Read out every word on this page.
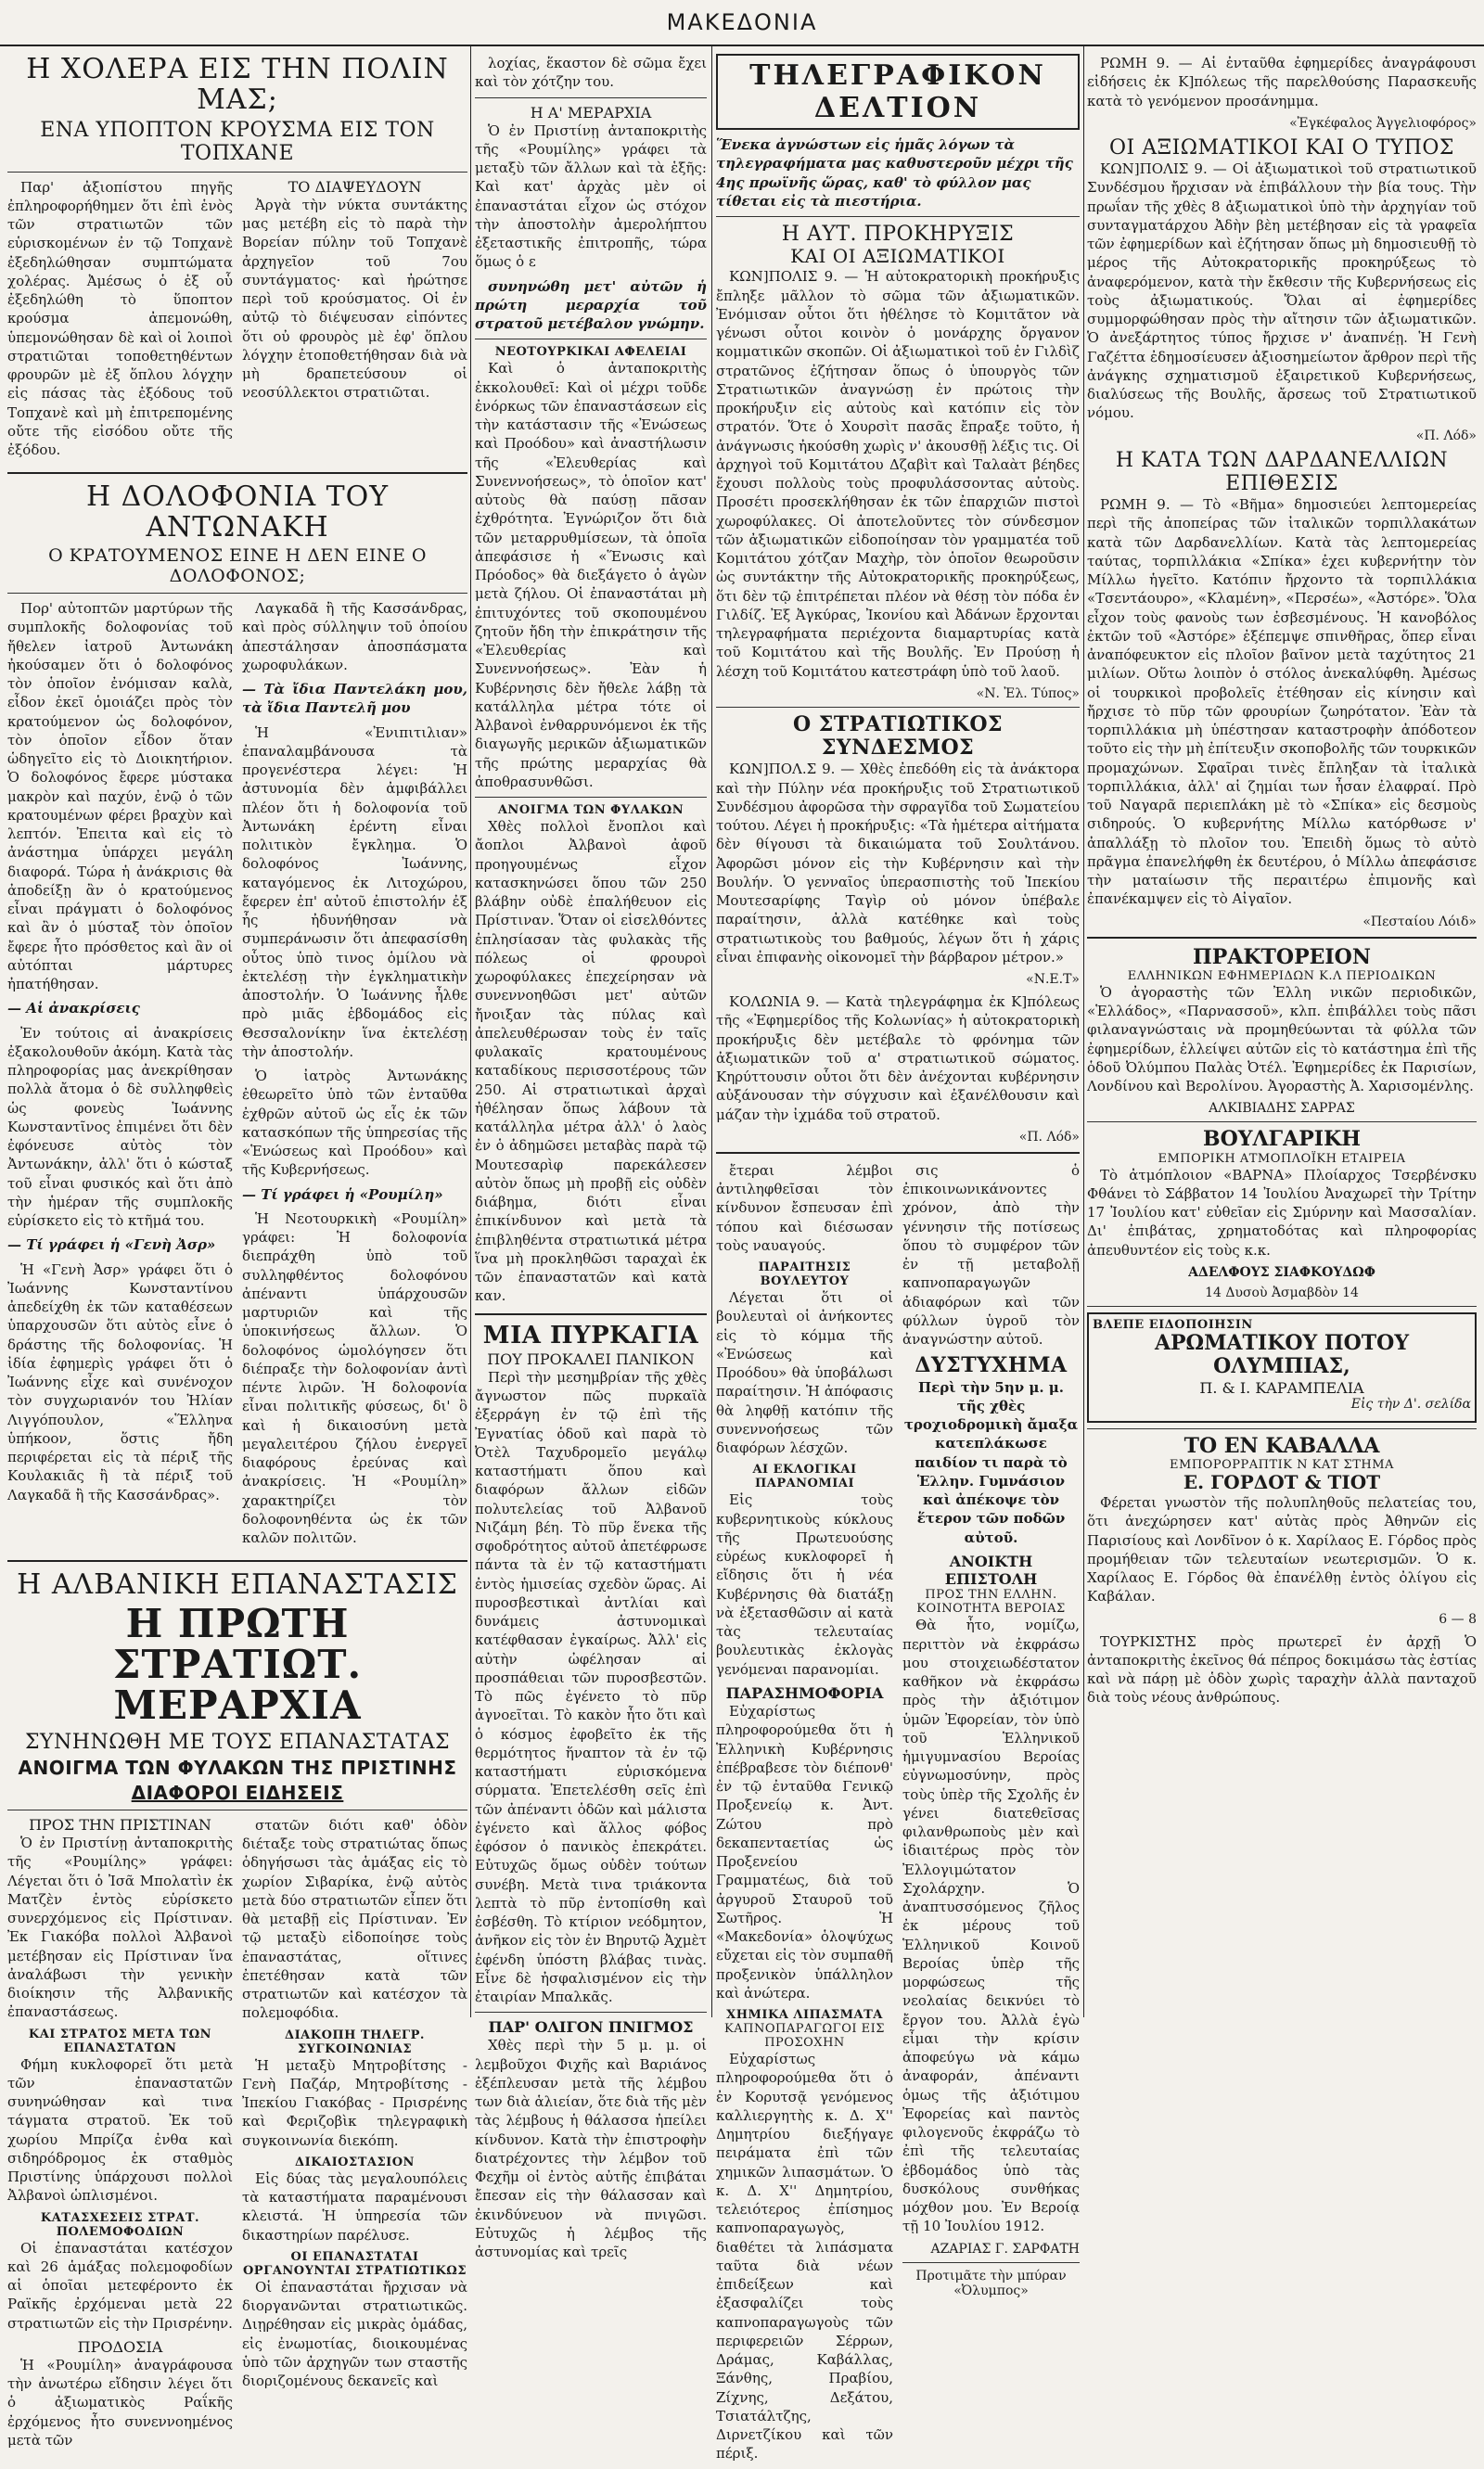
ΜΑΚΕΔΟΝΙΑ
Η ΧΟΛΕΡΑ ΕΙΣ ΤΗΝ ΠΟΛΙΝ ΜΑΣ;
ΕΝΑ ΥΠΟΠΤΟΝ ΚΡΟΥΣΜΑ ΕΙΣ ΤΟΝ ΤΟΠΧΑΝΕ

Παρ' ἀξιοπίστου πηγῆς ἐπληροφορήθημεν ὅτι ἐπὶ ἑνὸς τῶν στρατιωτῶν τῶν εὑρισκομένων ἐν τῷ Τοπχανὲ ἐξεδηλώθησαν συμπτώματα χολέρας. Ἀμέσως ὁ ἐξ οὗ ἐξεδηλώθη τὸ ὕποπτον κρούσμα ἀπεμονώθη, ὑπεμονώθησαν δὲ καὶ οἱ λοιποὶ στρατιῶται τοποθετηθέντων φρουρῶν μὲ ἐξ ὅπλου λόγχην εἰς πάσας τὰς ἐξόδους τοῦ Τοπχανὲ καὶ μὴ ἐπιτρεπομένης οὔτε τῆς εἰσόδου οὔτε τῆς ἐξόδου.

ΤΟ ΔΙΑΨΕΥΔΟΥΝ

Ἀργὰ τὴν νύκτα συντάκτης μας μετέβη εἰς τὸ παρὰ τὴν Βορείαν πύλην τοῦ Τοπχανὲ ἀρχηγεῖον τοῦ 7ου συντάγματος· καὶ ἠρώτησε περὶ τοῦ κρούσματος. Οἱ ἐν αὐτῷ τὸ διέψευσαν εἰπόντες ὅτι οὐ φρουρὸς μὲ ἐφ' ὅπλου λόγχην ἐτοποθετήθησαν διὰ νὰ μὴ δραπετεύσουν οἱ νεοσύλλεκτοι στρατιῶται.

Η ΔΟΛΟΦΟΝΙΑ ΤΟΥ ΑΝΤΩΝΑΚΗ
Ο ΚΡΑΤΟΥΜΕΝΟΣ ΕΙΝΕ Η ΔΕΝ ΕΙΝΕ Ο ΔΟΛΟΦΟΝΟΣ;

Πορ' αὐτοπτῶν μαρτύρων τῆς συμπλοκῆς δολοφονίας τοῦ ἤθελεν ἰατροῦ Ἀντωνάκη ἠκούσαμεν ὅτι ὁ δολοφόνος τὸν ὁποῖον ἐνόμισαν καλὰ, εἶδον ἐκεῖ ὁμοιάζει πρὸς τὸν κρατούμενον ὡς δολοφόνον, τὸν ὁποῖον εἶδον ὅταν ὡδηγεῖτο εἰς τὸ Διοικητήριον. Ὁ δολοφόνος ἔφερε μύστακα μακρὸν καὶ παχύν, ἐνῷ ὁ τῶν κρατουμένων φέρει βραχὺν καὶ λεπτόν. Ἐπειτα καὶ εἰς τὸ ἀνάστημα ὑπάρχει μεγάλη διαφορά. Τώρα ἡ ἀνάκρισις θὰ ἀποδείξῃ ἂν ὁ κρατούμενος εἶναι πράγματι ὁ δολοφόνος καὶ ἂν ὁ μύσταξ τὸν ὁποῖον ἔφερε ἦτο πρόσθετος καὶ ἂν οἱ αὐτόπται μάρτυρες ἠπατήθησαν.

— Αἱ ἀνακρίσεις

Ἐν τούτοις αἱ ἀνακρίσεις ἐξακολουθοῦν ἀκόμη. Κατὰ τὰς πληροφορίας μας ἀνεκρίθησαν πολλὰ ἄτομα ὁ δὲ συλληφθεὶς ὡς φονεὺς Ἰωάννης Κωνσταντῖνος ἐπιμένει ὅτι δὲν ἐφόνευσε αὐτὸς τὸν Ἀντωνάκην, ἀλλ' ὅτι ὁ κώσταξ τοῦ εἶναι φυσικός καὶ ὅτι ἀπὸ τὴν ἡμέραν τῆς συμπλοκῆς εὑρίσκετο εἰς τὸ κτῆμά του.

— Τί γράφει ἡ «Γενὴ Ἀσρ»

Ἡ «Γενὴ Ἀσρ» γράφει ὅτι ὁ Ἰωάννης Κωνσταντίνου ἀπεδείχθη ἐκ τῶν καταθέσεων ὑπαρχουσῶν ὅτι αὐτὸς εἶνε ὁ δράστης τῆς δολοφονίας. Ἡ ἰδία ἐφημερὶς γράφει ὅτι ὁ Ἰωάννης εἶχε καὶ συνένοχον τὸν συγχωριανόν του Ἠλίαν Λιγγόπουλον, «Ἕλληνα ὑπήκοον, ὅστις ἤδη περιφέρεται εἰς τὰ πέριξ τῆς Κουλακιᾶς ἢ τὰ πέριξ τοῦ Λαγκαδᾶ ἢ τῆς Κασσάνδρας».

Λαγκαδᾶ ἢ τῆς Κασσάνδρας, καὶ πρὸς σύλληψιν τοῦ ὁποίου ἀπεστάλησαν ἀποσπάσματα χωροφυλάκων.

— Τὰ ἴδια Παντελάκη μου, τὰ ἴδια Παντελῆ μου

Ἡ «Ἐνιπιτιλιαν» ἐπαναλαμβάνουσα τὰ προγενέστερα λέγει: Ἡ ἀστυνομία δὲν ἀμφιβάλλει πλέον ὅτι ἡ δολοφονία τοῦ Ἀντωνάκη ἐρέντη εἶναι πολιτικὸν ἔγκλημα. Ὁ δολοφόνος Ἰωάννης, καταγόμενος ἐκ Λιτοχώρου, ἔφερεν ἐπ' αὐτοῦ ἐπιστολήν ἐξ ἧς ἠδυνήθησαν νὰ συμπεράνωσιν ὅτι ἀπεφασίσθη οὗτος ὑπὸ τινος ὁμίλου νὰ ἐκτελέσῃ τὴν ἐγκληματικὴν ἀποστολήν. Ὁ Ἰωάννης ἦλθε πρὸ μιᾶς ἑβδομάδος εἰς Θεσσαλονίκην ἵνα ἐκτελέσῃ τὴν ἀποστολήν.

Ὁ ἰατρὸς Ἀντωνάκης ἐθεωρεῖτο ὑπὸ τῶν ἐνταῦθα ἐχθρῶν αὐτοῦ ὡς εἷς ἐκ τῶν κατασκόπων τῆς ὑπηρεσίας τῆς «Ἑνώσεως καὶ Προόδου» καὶ τῆς Κυβερνήσεως.

— Τί γράφει ἡ «Ρουμίλη»

Ἡ Νεοτουρκικὴ «Ρουμίλη» γράφει: Ἡ δολοφονία διεπράχθη ὑπὸ τοῦ συλληφθέντος δολοφόνου ἀπέναντι ὑπάρχουσῶν μαρτυριῶν καὶ τῆς ὑποκινήσεως ἄλλων. Ὁ δολοφόνος ὡμολόγησεν ὅτι διέπραξε τὴν δολοφονίαν ἀντὶ πέντε λιρῶν. Ἡ δολοφονία εἶναι πολιτικῆς φύσεως, δι' ὃ καὶ ἡ δικαιοσύνη μετὰ μεγαλειτέρου ζήλου ἐνεργεῖ διαφόρους ἐρεύνας καὶ ἀνακρίσεις. Ἡ «Ρουμίλη» χαρακτηρίζει τὸν δολοφονηθέντα ὡς ἐκ τῶν καλῶν πολιτῶν.

Η ΑΛΒΑΝΙΚΗ ΕΠΑΝΑΣΤΑΣΙΣ
Η ΠΡΩΤΗ ΣΤΡΑΤΙΩΤ. ΜΕΡΑΡΧΙΑ
ΣΥΝΗΝΩΘΗ ΜΕ ΤΟΥΣ ΕΠΑΝΑΣΤΑΤΑΣ
ΑΝΟΙΓΜΑ ΤΩΝ ΦΥΛΑΚΩΝ ΤΗΣ ΠΡΙΣΤΙΝΗΣ
ΔΙΑΦΟΡΟΙ ΕΙΔΗΣΕΙΣ
ΠΡΟΣ ΤΗΝ ΠΡΙΣΤΙΝΑΝ

Ὁ ἐν Πριστίνῃ ἀνταποκριτὴς τῆς «Ρουμίλης» γράφει: Λέγεται ὅτι ὁ Ἰσᾶ Μπολατὶν ἐκ Ματζὲν ἐντὸς εὑρίσκετο συνερχόμενος εἰς Πρίστιναν. Ἐκ Γιακόβα πολλοὶ Ἀλβανοὶ μετέβησαν εἰς Πρίστιναν ἵνα ἀναλάβωσι τὴν γενικὴν διοίκησιν τῆς Ἀλβανικῆς ἐπαναστάσεως.

ΚΑΙ ΣΤΡΑΤΟΣ ΜΕΤΑ ΤΩΝ ΕΠΑΝΑΣΤΑΤΩΝ

Φήμη κυκλοφορεῖ ὅτι μετὰ τῶν ἐπαναστατῶν συνηνώθησαν καὶ τινα τάγματα στρατοῦ. Ἐκ τοῦ χωρίου Μπρίζα ἐνθα καὶ σιδηρόδρομος ἐκ σταθμὸς Πριστίνης ὑπάρχουσι πολλοὶ Ἀλβανοὶ ὡπλισμένοι.

ΚΑΤΑΣΧΕΣΕΙΣ ΣΤΡΑΤ. ΠΟΛΕΜΟΦΟΔΙΩΝ

Οἱ ἐπαναστάται κατέσχον καὶ 26 ἁμάξας πολεμοφοδίων αἱ ὁποῖαι μετεφέροντο ἐκ Ραϊκῆς ἐρχόμεναι μετὰ 22 στρατιωτῶν εἰς τὴν Πρισρένην.

ΠΡΟΔΟΣΙΑ

Ἡ «Ρουμίλη» ἀναγράφουσα τὴν ἀνωτέρω εἴδησιν λέγει ὅτι ὁ ἀξιωματικὸς Ραΐκῆς ἐρχόμενος ἦτο συνεννοημένος μετὰ τῶν

στατῶν διότι καθ' ὁδὸν διέταξε τοὺς στρατιώτας ὅπως ὁδηγήσωσι τὰς ἁμάξας εἰς τὸ χωρίον Σιβαρίκα, ἐνῷ αὐτὸς μετὰ δύο στρατιωτῶν εἶπεν ὅτι θὰ μεταβῇ εἰς Πρίστιναν. Ἐν τῷ μεταξὺ εἰδοποίησε τοὺς ἐπαναστάτας, οἵτινες ἐπετέθησαν κατὰ τῶν στρατιωτῶν καὶ κατέσχον τὰ πολεμοφόδια.

ΔΙΑΚΟΠΗ ΤΗΛΕΓΡ. ΣΥΓΚΟΙΝΩΝΙΑΣ

Ἡ μεταξὺ Μητροβίτσης - Γενὴ Παζάρ, Μητροβίτσης - Ἰπεκίου Γιακόβας - Πρισρένης καὶ Φεριζοβὶκ τηλεγραφικὴ συγκοινωνία διεκόπη.

ΔΙΚΑΙΟΣΤΑΣΙΟΝ

Εἰς δύας τὰς μεγαλουπόλεις τὰ καταστήματα παραμένουσι κλειστά. Ἡ ὑπηρεσία τῶν δικαστηρίων παρέλυσε.

ΟΙ ΕΠΑΝΑΣΤΑΤΑΙ ΟΡΓΑΝΟΥΝΤΑΙ ΣΤΡΑΤΙΩΤΙΚΩΣ

Οἱ ἐπαναστάται ἤρχισαν νὰ διοργανῶνται στρατιωτικῶς. Διῃρέθησαν εἰς μικρὰς ὁμάδας, εἰς ἐνωμοτίας, διοικουμένας ὑπὸ τῶν ἀρχηγῶν των σταστῆς διοριζομένους δεκανεῖς καὶ

λοχίας, ἕκαστον δὲ σῶμα ἔχει καὶ τὸν χότζην του.

Η Α' ΜΕΡΑΡΧΙΑ

Ὁ ἐν Πριστίνῃ ἀνταποκριτὴς τῆς «Ρουμίλης» γράφει τὰ μεταξὺ τῶν ἄλλων καὶ τὰ ἑξῆς: Καὶ κατ' ἀρχὰς μὲν οἱ ἐπαναστάται εἶχον ὡς στόχον τὴν ἀποστολὴν ἀμερολήπτου ἐξεταστικῆς ἐπιτροπῆς, τώρα ὅμως ὁ ε

συνηνώθη μετ' αὐτῶν ἡ πρώτη μεραρχία τοῦ στρατοῦ μετέβαλον γνώμην.

ΝΕΟΤΟΥΡΚΙΚΑΙ ΑΦΕΛΕΙΑΙ

Καὶ ὁ ἀνταποκριτὴς ἐκκολουθεῖ: Καὶ οἱ μέχρι τοῦδε ἐνόρκως τῶν ἐπαναστάσεων εἰς τὴν κατάστασιν τῆς «Ἐνώσεως καὶ Προόδου» καὶ ἀναστήλωσιν τῆς «Ἐλευθερίας καὶ Συνεννοήσεως», τὸ ὁποῖον κατ' αὐτοὺς θὰ παύσῃ πᾶσαν ἐχθρότητα. Ἐγνώριζον ὅτι διὰ τῶν μεταρρυθμίσεων, τὰ ὁποῖα ἀπεφάσισε ἡ «Ἕνωσις καὶ Πρόοδος» θὰ διεξάγετο ὁ ἀγὼν μετὰ ζήλου. Οἱ ἐπαναστάται μὴ ἐπιτυχόντες τοῦ σκοπουμένου ζητοῦν ἤδη τὴν ἐπικράτησιν τῆς «Ἐλευθερίας καὶ Συνεννοήσεως». Ἐὰν ἡ Κυβέρνησις δὲν ἤθελε λάβῃ τὰ κατάλληλα μέτρα τότε οἱ Ἀλβανοὶ ἐνθαρρυνόμενοι ἐκ τῆς διαγωγῆς μερικῶν ἀξιωματικῶν τῆς πρώτης μεραρχίας θὰ ἀποθρασυνθῶσι.

ΑΝΟΙΓΜΑ ΤΩΝ ΦΥΛΑΚΩΝ

Χθὲς πολλοὶ ἔνοπλοι καὶ ἄοπλοι Ἀλβανοὶ ἀφοῦ προηγουμένως εἶχον κατασκηνώσει ὅπου τῶν 250 βλάβην οὐδὲ ἐπαλήθευον εἰς Πρίστιναν. Ὅταν οἱ εἰσελθόντες ἐπλησίασαν τὰς φυλακὰς τῆς πόλεως οἱ φρουροὶ χωροφύλακες ἐπεχείρησαν νὰ συνεννοηθῶσι μετ' αὐτῶν ἤνοιξαν τὰς πύλας καὶ ἀπελευθέρωσαν τοὺς ἐν ταῖς φυλακαῖς κρατουμένους καταδίκους περισσοτέρους τῶν 250. Αἱ στρατιωτικαὶ ἀρχαὶ ἠθέλησαν ὅπως λάβουν τὰ κατάλληλα μέτρα ἀλλ' ὁ λαὸς ἐν ὁ ἀδημῶσει μεταβὰς παρὰ τῷ Μουτεσαρὶφ παρεκάλεσεν αὐτὸν ὅπως μὴ προβῇ εἰς οὐδὲν διάβημα, διότι εἶναι ἐπικίνδυνον καὶ μετὰ τὰ ἐπιβληθέντα στρατιωτικά μέτρα ἵνα μὴ προκληθῶσι ταραχαὶ ἐκ τῶν ἐπαναστατῶν καὶ κατὰ καν.

ΜΙΑ ΠΥΡΚΑΓΙΑ
ΠΟΥ ΠΡΟΚΑΛΕΙ ΠΑΝΙΚΟΝ

Περὶ τὴν μεσημβρίαν τῆς χθὲς ἄγνωστον πῶς πυρκαϊὰ ἐξερράγη ἐν τῷ ἐπὶ τῆς Ἐγνατίας ὁδοῦ καὶ παρὰ τὸ Ὀτὲλ Ταχυδρομεῖο μεγάλῳ καταστήματι ὅπου καὶ διαφόρων ἄλλων εἰδῶν πολυτελείας τοῦ Ἀλβανοῦ Νιζάμη βέη. Τὸ πῦρ ἕνεκα τῆς σφοδρότητος αὐτοῦ ἀπετέφρωσε πάντα τὰ ἐν τῷ καταστήματι ἐντὸς ἡμισείας σχεδὸν ὥρας. Αἱ πυροσβεστικαὶ ἀντλίαι καὶ δυνάμεις ἀστυνομικαὶ κατέφθασαν ἐγκαίρως. Ἀλλ' εἰς αὐτὴν ὠφέλησαν αἱ προσπάθειαι τῶν πυροσβεστῶν. Τὸ πῶς ἐγένετο τὸ πῦρ ἀγνοεῖται. Τὸ κακὸν ἦτο ὅτι καὶ ὁ κόσμος ἐφοβεῖτο ἐκ τῆς θερμότητος ἥναπτον τὰ ἐν τῷ καταστήματι εὑρισκόμενα σύρματα. Ἐπετελέσθη σεῖς ἐπὶ τῶν ἀπέναντι ὁδῶν καὶ μάλιστα ἐγένετο καὶ ἄλλος φόβος ἐφόσον ὁ πανικὸς ἐπεκράτει. Εὐτυχῶς ὅμως οὐδὲν τούτων συνέβη. Μετὰ τινα τριάκοντα λεπτὰ τὸ πῦρ ἐντοπίσθη καὶ ἐσβέσθη. Τὸ κτίριον νεόδμητον, ἀνῆκον εἰς τὸν ἐν Βηρυτῷ Ἀχμὲτ ἐφένδη ὑπόστη βλάβας τινὰς. Εἶνε δὲ ἠσφαλισμένον εἰς τὴν ἐταιρίαν Μπαλκᾶς.

ΠΑΡ' ΟΛΙΓΟΝ ΠΝΙΓΜΟΣ

Χθὲς περὶ τὴν 5 μ. μ. οἱ λεμβοῦχοι Φιχῆς καὶ Βαριάνος ἐξέπλευσαν μετὰ τῆς λέμβου των διὰ ἁλιείαν, ὅτε διὰ τῆς μὲν τὰς λέμβους ἡ θάλασσα ἠπείλει κίνδυνον. Κατὰ τὴν ἐπιστροφὴν διατρέχοντες τὴν λέμβον τοῦ Φεχῆμ οἱ ἐντὸς αὐτῆς ἐπιβάται ἔπεσαν εἰς τὴν θάλασσαν καὶ ἐκινδύνευον νὰ πνιγῶσι. Εὐτυχῶς ἡ λέμβος τῆς ἀστυνομίας καὶ τρεῖς

ΤΗΛΕΓΡΑΦΙΚΟΝ ΔΕΛΤΙΟΝ
Ἕνεκα ἀγνώστων εἰς ἡμᾶς λόγων τὰ τηλεγραφήματα μας καθυστεροῦν μέχρι τῆς 4ης πρωϊνῆς ὥρας, καθ' τὸ φύλλον μας τίθεται εἰς τὰ πιεστήρια.
Η ΑΥΤ. ΠΡΟΚΗΡΥΞΙΣ
ΚΑΙ ΟΙ ΑΞΙΩΜΑΤΙΚΟΙ

ΚΩΝ]ΠΟΛΙΣ 9. — Ἡ αὐτοκρατορικὴ προκήρυξις ἔπληξε μᾶλλον τὸ σῶμα τῶν ἀξιωματικῶν. Ἐνόμισαν οὗτοι ὅτι ἠθέλησε τὸ Κομιτᾶτον νὰ γένωσι οὗτοι κοινὸν ὁ μονάρχης ὄργανον κομματικῶν σκοπῶν. Οἱ ἀξιωματικοὶ τοῦ ἐν Γιλδὶζ στρατῶνος ἐζήτησαν ὅπως ὁ ὑπουργὸς τῶν Στρατιωτικῶν ἀναγνώσῃ ἐν πρώτοις τὴν προκήρυξιν εἰς αὐτοὺς καὶ κατόπιν εἰς τὸν στρατόν. Ὅτε ὁ Χουρσὶτ πασᾶς ἔπραξε τοῦτο, ἡ ἀνάγνωσις ἠκούσθη χωρὶς ν' ἀκουσθῇ λέξις τις. Οἱ ἀρχηγοὶ τοῦ Κομιτάτου Δζαβὶτ καὶ Ταλαὰτ βέηδες ἔχουσι πολλοὺς τοὺς προφυλάσσοντας αὐτοὺς. Προσέτι προσεκλήθησαν ἐκ τῶν ἐπαρχιῶν πιστοὶ χωροφύλακες. Οἱ ἀποτελοῦντες τὸν σύνδεσμον τῶν ἀξιωματικῶν εἰδοποίησαν τὸν γραμματέα τοῦ Κομιτάτου χότζαν Μαχὴρ, τὸν ὁποῖον θεωροῦσιν ὡς συντάκτην τῆς Αὐτοκρατορικῆς προκηρύξεως, ὅτι δὲν τῷ ἐπιτρέπεται πλέον νὰ θέσῃ τὸν πόδα ἐν Γιλδίζ. Ἐξ Ἀγκύρας, Ἰκονίου καὶ Ἀδάνων ἔρχονται τηλεγραφήματα περιέχοντα διαμαρτυρίας κατὰ τοῦ Κομιτάτου καὶ τῆς Βουλῆς. Ἐν Προύσῃ ἡ λέσχη τοῦ Κομιτάτου κατεστράφη ὑπὸ τοῦ λαοῦ.

«Ν. Ἐλ. Τύπος»
Ο ΣΤΡΑΤΙΩΤΙΚΟΣ ΣΥΝΔΕΣΜΟΣ

ΚΩΝ]ΠΟΛ.Σ 9. — Χθὲς ἐπεδόθη εἰς τὰ ἀνάκτορα καὶ τὴν Πύλην νέα προκήρυξις τοῦ Στρατιωτικοῦ Συνδέσμου ἀφορῶσα τὴν σφραγῖδα τοῦ Σωματείου τούτου. Λέγει ἡ προκήρυξις: «Τὰ ἡμέτερα αἰτήματα δὲν θίγουσι τὰ δικαιώματα τοῦ Σουλτάνου. Ἀφορῶσι μόνον εἰς τὴν Κυβέρνησιν καὶ τὴν Βουλήν. Ὁ γενναῖος ὑπερασπιστὴς τοῦ Ἰπεκίου Μουτεσαρίφης Ταγὶρ οὐ μόνον ὑπέβαλε παραίτησιν, ἀλλὰ κατέθηκε καὶ τοὺς στρατιωτικοὺς του βαθμούς, λέγων ὅτι ἡ χάρις εἶναι ἐπιφανὴς οἰκονομεῖ τὴν βάρβαρον μέτρον.»

«Ν.Ε.Τ»

ΚΟΛΩΝΙΑ 9. — Κατὰ τηλεγράφημα ἐκ Κ]πόλεως τῆς «Ἐφημερίδος τῆς Κολωνίας» ἡ αὐτοκρατορικὴ προκήρυξις δὲν μετέβαλε τὸ φρόνημα τῶν ἀξιωματικῶν τοῦ α' στρατιωτικοῦ σώματος. Κηρύττουσιν οὗτοι ὅτι δὲν ἀνέχονται κυβέρνησιν αὐξάνουσαν τὴν σύγχυσιν καὶ ἐξανέλθουσιν καὶ μάζαν τὴν ἰχμάδα τοῦ στρατοῦ.

«Π. Λόδ»

ἔτεραι λέμβοι ἀντιληφθεῖσαι τὸν κίνδυνον ἔσπευσαν ἐπὶ τόπου καὶ διέσωσαν τοὺς ναυαγούς.

ΠΑΡΑΙΤΗΣΙΣ ΒΟΥΛΕΥΤΟΥ

Λέγεται ὅτι οἱ βουλευταὶ οἱ ἀνήκοντες εἰς τὸ κόμμα τῆς «Ἐνώσεως καὶ Προόδου» θὰ ὑποβάλωσι παραίτησιν. Ἡ ἀπόφασις θὰ ληφθῇ κατόπιν τῆς συνεννοήσεως τῶν διαφόρων λέσχῶν.

ΑΙ ΕΚΛΟΓΙΚΑΙ ΠΑΡΑΝΟΜΙΑΙ

Εἰς τοὺς κυβερνητικοὺς κύκλους τῆς Πρωτευούσης εὐρέως κυκλοφορεῖ ἡ εἴδησις ὅτι ἡ νέα Κυβέρνησις θὰ διατάξῃ νὰ ἐξετασθῶσιν αἱ κατὰ τὰς τελευταίας βουλευτικὰς ἐκλογὰς γενόμεναι παρανομίαι.

ΠΑΡΑΣΗΜΟΦΟΡΙΑ

Εὐχαρίστως πληροφορούμεθα ὅτι ἡ Ἑλληνικὴ Κυβέρνησις ἐπέβραβεσε τὸν διέπονθ' ἐν τῷ ἐνταῦθα Γενικῷ Προξενείῳ κ. Ἀντ. Ζώτου πρὸ δεκαπενταετίας ὡς Προξενείου Γραμματέως, διὰ τοῦ ἀργυροῦ Σταυροῦ τοῦ Σωτῆρος. Ἡ «Μακεδονία» ὁλοψύχως εὔχεται εἰς τὸν συμπαθῆ προξενικὸν ὑπάλληλον καὶ ἀνώτερα.

ΧΗΜΙΚΑ ΛΙΠΑΣΜΑΤΑ
ΚΑΠΝΟΠΑΡΑΓΩΓΟΙ ΕΙΣ ΠΡΟΣΟΧΗΝ

Εὐχαρίστως πληροφορούμεθα ὅτι ὁ ἐν Κορυτσᾷ γενόμενος καλλιεργητὴς κ. Δ. Χ'' Δημητρίου διεξήγαγε πειράματα ἐπὶ τῶν χημικῶν λιπασμάτων. Ὁ κ. Δ. Χ'' Δημητρίου, τελειότερος ἐπίσημος καπνοπαραγωγὸς, διαθέτει τὰ λιπάσματα ταῦτα διὰ νέων ἐπιδείξεων καὶ ἐξασφαλίζει τοὺς καπνοπαραγωγοὺς τῶν περιφερειῶν Σέρρων, Δράμας, Καβάλλας, Ξάνθης, Πραβίου, Ζίχνης, Δεξάτου, Τσιατάλτζης, Διρνετζίκου καὶ τῶν πέριξ.

σις ὁ ἐπικοινωνικάνοντες χρόνον, ἀπὸ τὴν γέννησιν τῆς ποτίσεως ὅπου τὸ συμφέρον τῶν ἐν τῇ μεταβολῇ καπνοπαραγωγῶν ἀδιαφόρων καὶ τῶν φύλλων ὑγροῦ τὸν ἀναγνώστην αὐτοῦ.

ΔΥΣΤΥΧΗΜΑ

Περὶ τὴν 5ην μ. μ. τῆς χθὲς τροχιοδρομικὴ ἄμαξα κατεπλάκωσε παιδίον τι παρὰ τὸ Ἑλλην. Γυμνάσιον καὶ ἀπέκοψε τὸν ἕτερον τῶν ποδῶν αὐτοῦ.

ΑΝΟΙΚΤΗ ΕΠΙΣΤΟΛΗ
ΠΡΟΣ ΤΗΝ ΕΛΛΗΝ. ΚΟΙΝΟΤΗΤΑ ΒΕΡΟΙΑΣ

Θὰ ἦτο, νομίζω, περιττὸν νὰ ἐκφράσω μου στοιχειωδέστατον καθῆκον νὰ ἐκφράσω πρὸς τὴν ἀξιότιμον ὑμῶν Ἐφορείαν, τὸν ὑπὸ τοῦ Ἑλληνικοῦ ἡμιγυμνασίου Βεροίας εὐγνωμοσύνην, πρὸς τοὺς ὑπὲρ τῆς Σχολῆς ἐν γένει διατεθεῖσας φιλανθρωποὺς μὲν καὶ ἰδιαιτέρως πρὸς τὸν Ἐλλογιμώτατον Σχολάρχην. Ὁ ἀναπτυσσόμενος ζῆλος ἐκ μέρους τοῦ Ἑλληνικοῦ Κοινοῦ Βεροίας ὑπὲρ τῆς μορφώσεως τῆς νεολαίας δεικνύει τὸ ἔργον του. Ἀλλὰ ἐγὼ εἶμαι τὴν κρίσιν ἀποφεύγω νὰ κάμω ἀναφοράν, ἀπέναντι ὁμως τῆς ἀξιότιμου Ἐφορείας καὶ παντὸς φιλογενοῦς ἐκφράζω τὸ ἐπὶ τῆς τελευταίας ἐβδομάδος ὑπὸ τὰς δυσκόλους συνθήκας μόχθον μου. Ἐν Βεροίᾳ τῇ 10 Ἰουλίου 1912.

ΑΖΑΡΙΑΣ Γ. ΣΑΡΦΑΤΗ
Προτιμᾶτε τὴν μπύραν «Ὀλυμπος»

ΡΩΜΗ 9. — Αἱ ἐνταῦθα ἐφημερίδες ἀναγράφουσι εἰδήσεις ἐκ Κ]πόλεως τῆς παρελθούσης Παρασκευῆς κατὰ τὸ γενόμενον προσάνημμα.

«Ἐγκέφαλος Ἀγγελιοφόρος»
ΟΙ ΑΞΙΩΜΑΤΙΚΟΙ ΚΑΙ Ο ΤΥΠΟΣ

ΚΩΝ]ΠΟΛΙΣ 9. — Οἱ ἀξιωματικοὶ τοῦ στρατιωτικοῦ Συνδέσμου ἤρχισαν νὰ ἐπιβάλλουν τὴν βία τους. Τὴν πρωΐαν τῆς χθὲς 8 ἀξιωματικοὶ ὑπὸ τὴν ἀρχηγίαν τοῦ συνταγματάρχου Ἀδὴν βὲη μετέβησαν εἰς τὰ γραφεῖα τῶν ἐφημερίδων καὶ ἐζήτησαν ὅπως μὴ δημοσιευθῇ τὸ μέρος τῆς Αὐτοκρατορικῆς προκηρύξεως τὸ ἀναφερόμενον, κατὰ τὴν ἔκθεσιν τῆς Κυβερνήσεως εἰς τοὺς ἀξιωματικούς. Ὅλαι αἱ ἐφημερίδες συμμορφώθησαν πρὸς τὴν αἴτησιν τῶν ἀξιωματικῶν. Ὁ ἀνεξάρτητος τύπος ἤρχισε ν' ἀναπνέῃ. Ἡ Γενὴ Γαζέττα ἐδημοσίευσεν ἀξιοσημείωτον ἄρθρον περὶ τῆς ἀνάγκης σχηματισμοῦ ἐξαιρετικοῦ Κυβερνήσεως, διαλύσεως τῆς Βουλῆς, ἄρσεως τοῦ Στρατιωτικοῦ νόμου.

«Π. Λόδ»
Η ΚΑΤΑ ΤΩΝ ΔΑΡΔΑΝΕΛΛΙΩΝ ΕΠΙΘΕΣΙΣ

ΡΩΜΗ 9. — Τὸ «Βῆμα» δημοσιεύει λεπτομερείας περὶ τῆς ἀποπείρας τῶν ἰταλικῶν τορπιλλακάτων κατὰ τῶν Δαρδανελλίων. Κατὰ τὰς λεπτομερείας ταύτας, τορπιλλάκια «Σπίκα» ἐχει κυβερνήτην τὸν Μίλλω ἡγεῖτο. Κατόπιν ἤρχοντο τὰ τορπιλλάκια «Τσεντάουρο», «Κλαμένη», «Περσέω», «Ἀστόρε». Ὅλα εἶχον τοὺς φανοὺς των ἐσβεσμένους. Ἡ κανοβόλος ἐκτῶν τοῦ «Ἀστόρε» ἐξέπεμψε σπινθῆρας, ὅπερ εἶναι ἀναπόφευκτον εἰς πλοῖον βαῖνον μετὰ ταχύτητος 21 μιλίων. Οὕτω λοιπὸν ὁ στόλος ἀνεκαλύφθη. Ἀμέσως οἱ τουρκικοὶ προβολεῖς ἐτέθησαν εἰς κίνησιν καὶ ἤρχισε τὸ πῦρ τῶν φρουρίων ζωηρότατον. Ἐὰν τὰ τορπιλλάκια μὴ ὑπέστησαν καταστροφὴν ἀπόδοτεον τοῦτο εἰς τὴν μὴ ἐπίτευξιν σκοποβολῆς τῶν τουρκικῶν προμαχώνων. Σφαῖραι τινὲς ἔπληξαν τὰ ἰταλικὰ τορπιλλάκια, ἀλλ' αἱ ζημίαι των ἦσαν ἐλαφραί. Πρὸ τοῦ Ναγαρᾶ περιεπλάκη μὲ τὸ «Σπίκα» εἰς δεσμοὺς σιδηρούς. Ὁ κυβερνήτης Μίλλω κατόρθωσε ν' ἀπαλλάξῃ τὸ πλοῖον του. Ἐπειδὴ ὅμως τὸ αὐτὸ πρᾶγμα ἐπανελήφθη ἐκ δευτέρου, ὁ Μίλλω ἀπεφάσισε τὴν ματαίωσιν τῆς περαιτέρω ἐπιμονῆς καὶ ἐπανέκαμψεν εἰς τὸ Αἰγαῖον.

«Πεσταίου Λόιδ»
ΠΡΑΚΤΟΡΕΙΟΝ
ΕΛΛΗΝΙΚΩΝ ΕΦΗΜΕΡΙΔΩΝ Κ.Λ ΠΕΡΙΟΔΙΚΩΝ

Ὁ ἀγοραστὴς τῶν Ἐλλη νικῶν περιοδικῶν, «Ἑλλάδος», «Παρνασσοῦ», κλπ. ἐπιβάλλει τοὺς πᾶσι φιλαναγνώσταις νὰ προμηθεύωνται τὰ φύλλα τῶν ἐφημερίδων, ἐλλείψει αὐτῶν εἰς τὸ κατάστημα ἐπὶ τῆς ὁδοῦ Ὀλύμπου Παλὰς Ὀτέλ. Ἐφημερίδες ἐκ Παρισίων, Λονδίνου καὶ Βερολίνου. Ἀγοραστὴς Ἀ. Χαρισομένλης.

ΑΛΚΙΒΙΑΔΗΣ ΣΑΡΡΑΣ
ΒΟΥΛΓΑΡΙΚΗ
ΕΜΠΟΡΙΚΗ ΑΤΜΟΠΛΟΪΚΗ ΕΤΑΙΡΕΙΑ

Τὸ ἀτμόπλοιον «ΒΑΡΝΑ» Πλοίαρχος Τσερβένσκυ Φθάνει τὸ Σάββατον 14 Ἰουλίου Ἀναχωρεῖ τὴν Τρίτην 17 Ἰουλίου κατ' εὐθεῖαν εἰς Σμύρνην καὶ Μασσαλίαν. Δι' ἐπιβάτας, χρηματοδότας καὶ πληροφορίας ἀπευθυντέον εἰς τοὺς κ.κ.

ΑΔΕΛΦΟΥΣ ΣΙΑΦΚΟΥΔΩΦ
14 Δυσοὺ Ἀσμαβδὸν 14
ΒΛΕΠΕ ΕΙΔΟΠΟΙΗΣΙΝ
ΑΡΩΜΑΤΙΚΟΥ ΠΟΤΟΥ ΟΛΥΜΠΙΑΣ,
Π. & Ι. ΚΑΡΑΜΠΕΛΙΑ
Εἰς τὴν Δ'. σελίδα
ΤΟ ΕΝ ΚΑΒΑΛΛΑ
ΕΜΠΟΡΟΡΡΑΠΤΙΚ Ν ΚΑΤ ΣΤΗΜΑ
Ε. ΓΟΡΔΟΤ & ΤΙΟΤ

Φέρεται γνωστὸν τῆς πολυπληθοῦς πελατείας του, ὅτι ἀνεχώρησεν κατ' αὐτὰς πρὸς Ἀθηνῶν εἰς Παρισίους καὶ Λονδῖνον ὁ κ. Χαρίλαος Ε. Γόρδος πρὸς προμήθειαν τῶν τελευταίων νεωτερισμῶν. Ὁ κ. Χαρίλαος Ε. Γόρδος θὰ ἐπανέλθῃ ἐντὸς ὀλίγου εἰς Καβάλαν.

6 — 8

ΤΟΥΡΚΙΣΤΗΣ πρὸς πρωτερεῖ ἐν ἀρχῇ Ὁ ἀνταποκριτὴς ἐκεῖνος θά πέπρος δοκιμάσω τὰς ἑστίας καὶ νὰ πάρῃ μὲ ὁδὸν χωρὶς ταραχὴν ἀλλὰ πανταχοῦ διὰ τοὺς νέους ἀνθρώπους.
